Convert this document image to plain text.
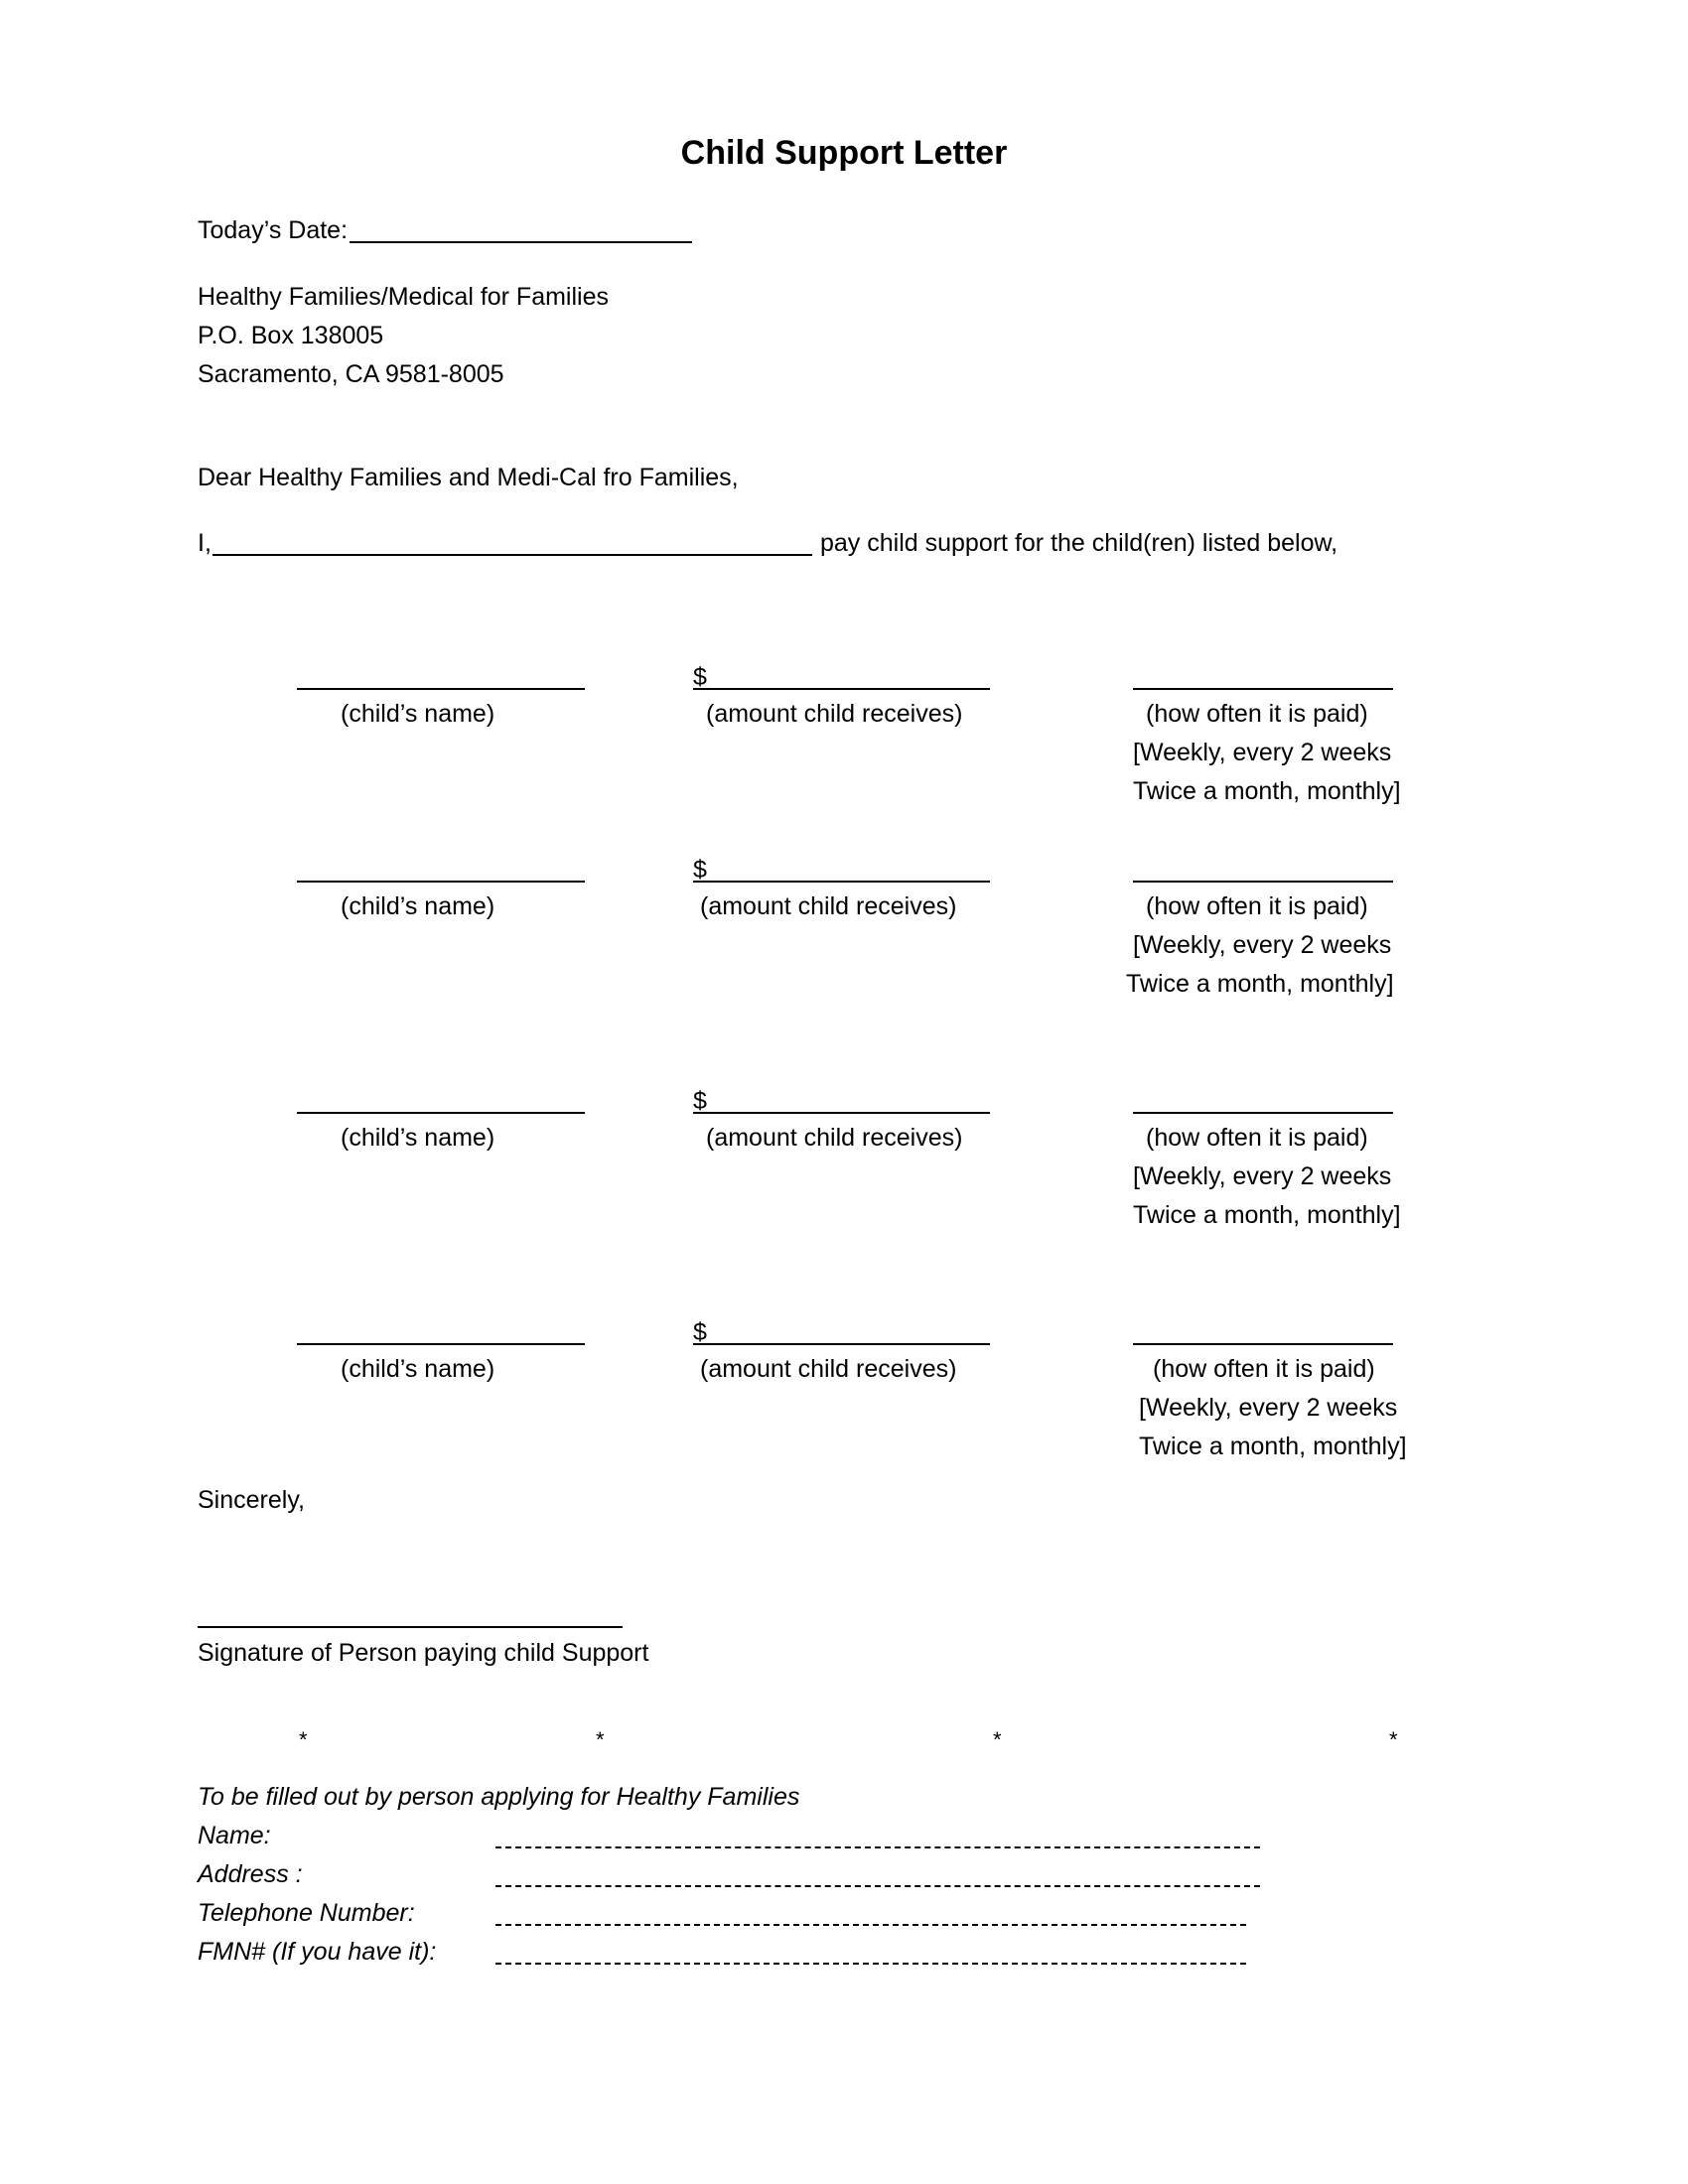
Child Support Letter
Today’s Date:
Healthy Families/Medical for Families
P.O. Box 138005
Sacramento, CA 9581-8005
Dear Healthy Families and Medi-Cal fro Families,
I,	pay child support for the child(ren) listed below,
$
(child’s name)	(amount child receives)	(how often it is paid)
[Weekly, every 2 weeks
Twice a month, monthly]
$
(child’s name)	(amount child receives)	(how often it is paid)
[Weekly, every 2 weeks
Twice a month, monthly]
$
(child’s name)	(amount child receives)	(how often it is paid)
[Weekly, every 2 weeks
Twice a month, monthly]
$
(child’s name)	(amount child receives)	(how often it is paid)
[Weekly, every 2 weeks
Twice a month, monthly]
Sincerely,
Signature of Person paying child Support
*	*	*	*
To be filled out by person applying for Healthy Families
Name:
Address :
Telephone Number:
FMN# (If you have it):
